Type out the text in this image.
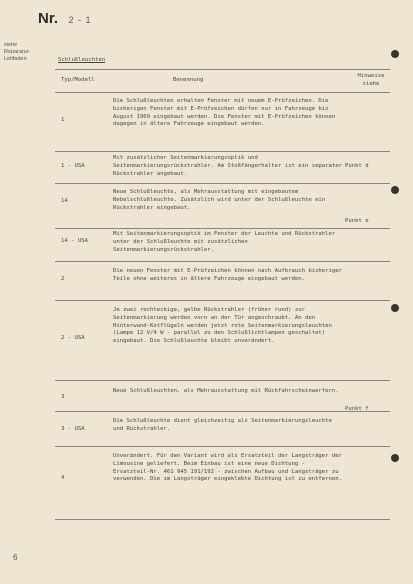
Nr. 2 - 1
siehe
Reparatur-
Leitfaden	Schlußleuchten
Typ/Modell	Benennung
Hinweise siehe
1
Die Schlußleuchten erhalten Fenster mit neuem E-Prüfzeichen. Die bisherigen Fenster mit E-Prüfzeichen dürfen nur in Fahrzeuge bis August 1969 eingebaut werden. Die Fenster mit E-Prüfzeichen können dagegen in ältere Fahrzeuge eingebaut werden.
1 - USA
Mit zusätzlicher Seitenmarkierungsoptik und Seitenmarkierungsrückstrahler. Am Stoßfängerhalter ist ein separater Rückstrahler angebaut.
Punkt d
14
Neue Schlußleuchte, als Mehrausstattung mit eingebautem Nebelschlußleuchte. Zusätzlich wird unter der Schlußleuchte ein Rückstrahler eingebaut.
Punkt e
14 - USA
Mit Seitenmarkierungsoptik im Fenster der Leuchte und Rückstrahler unter der Schlußleuchte mit zusätzlichen Seitenmarkierungsrückstrahler.
2
Die neuen Fenster mit E-Prüfzeichen können nach Aufbrauch bisheriger Teile ohne weiteres in ältere Fahrzeuge eingebaut werden.
2 - USA
Je zwei rechteckige, gelbe Rückstrahler (früher rund) zur Seitenmarkierung werden vorn an der Tür angeschraubt. An den Hinterwand-Kotflügeln werden jetzt rote Seitenmarkierungsleuchten (Lampe 12 V/4 W - parallel zu den Schlußlichtlampen geschaltet) eingebaut. Die Schlußleuchte bleibt unverändert.
3
Neue Schlußleuchten, als Mehrausstattung mit Rückfahrscheinwerfern.
Punkt f
3 - USA
Die Schlußleuchte dient gleichzeitig als Seitenmarkierungsleuchte und Rückstrahler.
4
Unverändert. Für den Variant wird als Ersatzteil der Langsträger der Limousine geliefert. Beim Einbau ist eine neue Dichtung - Ersatzteil-Nr. 461 945 191/192 - zwischen Aufbau und Langsträger zu verwenden. Die im Langsträger eingeklebte Dichtung ist zu entfernen.
6
